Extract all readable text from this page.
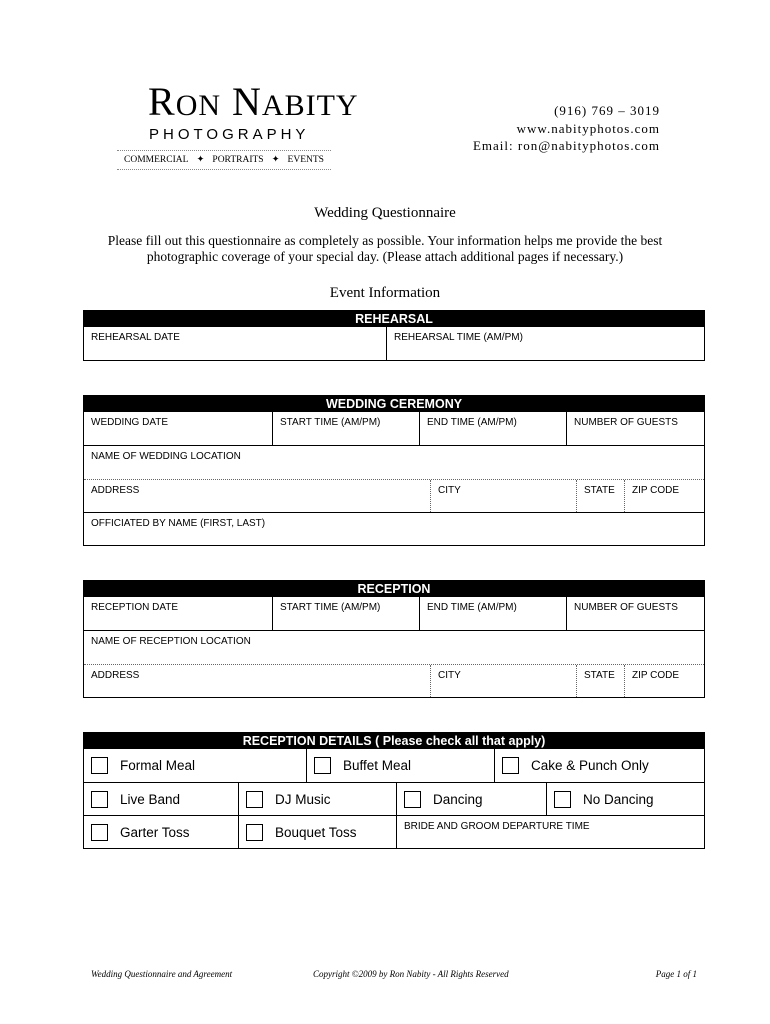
RON NABITY
PHOTOGRAPHY
COMMERCIAL ✦ PORTRAITS ✦ EVENTS
(916) 769 – 3019
www.nabityphotos.com
Email: ron@nabityphotos.com
Wedding Questionnaire
Please fill out this questionnaire as completely as possible. Your information helps me provide the best
photographic coverage of your special day. (Please attach additional pages if necessary.)
Event Information
REHEARSAL
REHEARSAL DATE	REHEARSAL TIME (AM/PM)
WEDDING CEREMONY
WEDDING DATE	START TIME (AM/PM)	END TIME (AM/PM)	NUMBER OF GUESTS
NAME OF WEDDING LOCATION
ADDRESS	CITY	STATE	ZIP CODE
OFFICIATED BY NAME (FIRST, LAST)
RECEPTION
RECEPTION DATE	START TIME (AM/PM)	END TIME (AM/PM)	NUMBER OF GUESTS
NAME OF RECEPTION LOCATION
ADDRESS	CITY	STATE	ZIP CODE
RECEPTION DETAILS ( Please check all that apply)
Formal Meal	Buffet Meal	Cake & Punch Only
Live Band	DJ Music	Dancing	No Dancing
Garter Toss	Bouquet Toss	BRIDE AND GROOM DEPARTURE TIME
Wedding Questionnaire and Agreement	Copyright ©2009 by Ron Nabity - All Rights Reserved	Page 1 of 1
